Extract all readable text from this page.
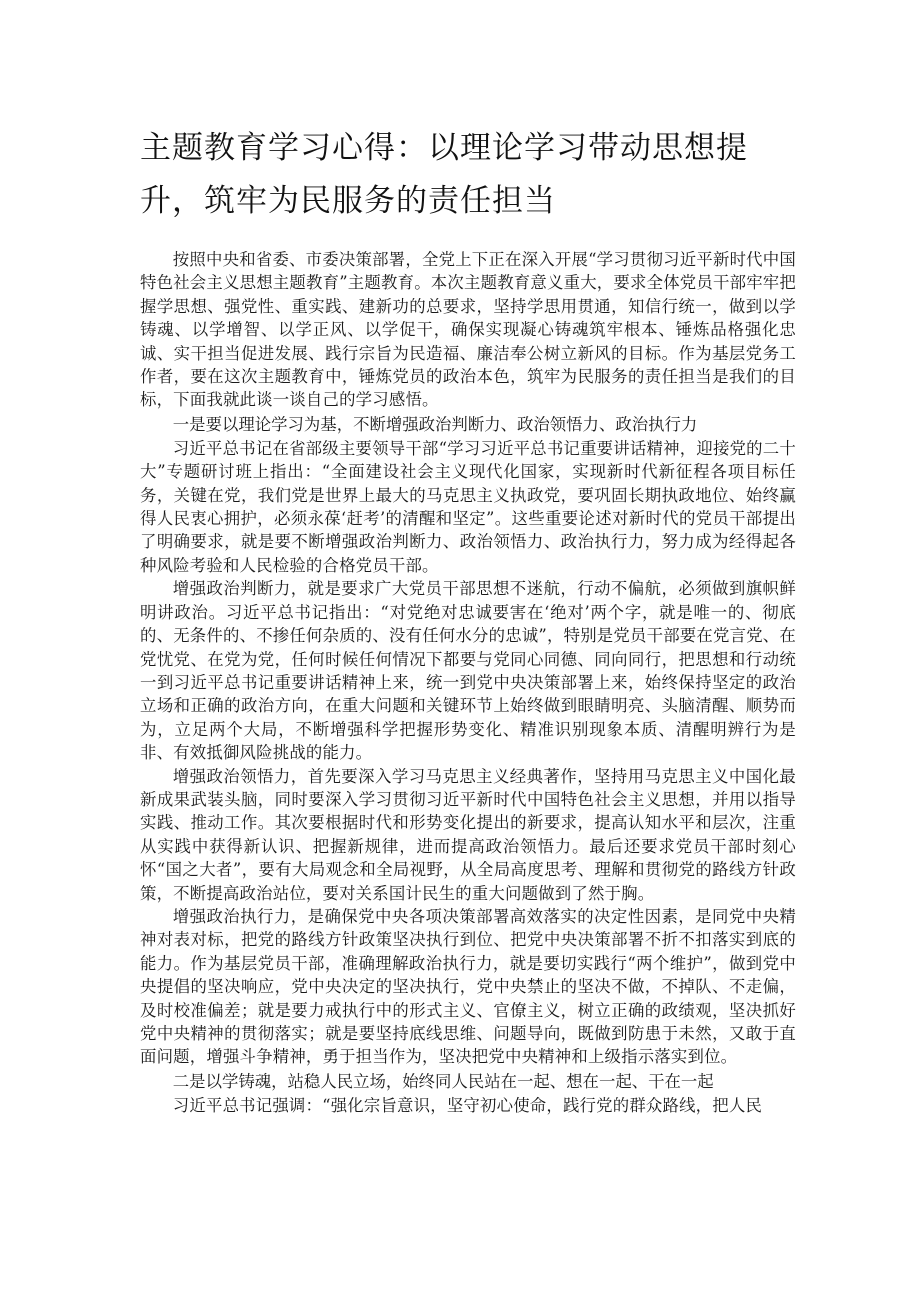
主题教育学习心得：以理论学习带动思想提升，筑牢为民服务的责任担当

按照中央和省委、市委决策部署，全党上下正在深入开展“学习贯彻习近平新时代中国特色社会主义思想主题教育”主题教育。本次主题教育意义重大，要求全体党员干部牢牢把握学思想、强党性、重实践、建新功的总要求，坚持学思用贯通，知信行统一，做到以学铸魂、以学增智、以学正风、以学促干，确保实现凝心铸魂筑牢根本、锤炼品格强化忠诚、实干担当促进发展、践行宗旨为民造福、廉洁奉公树立新风的目标。作为基层党务工作者，要在这次主题教育中，锤炼党员的政治本色，筑牢为民服务的责任担当是我们的目标，下面我就此谈一谈自己的学习感悟。

一是要以理论学习为基，不断增强政治判断力、政治领悟力、政治执行力

习近平总书记在省部级主要领导干部“学习习近平总书记重要讲话精神，迎接党的二十大”专题研讨班上指出：“全面建设社会主义现代化国家，实现新时代新征程各项目标任务，关键在党，我们党是世界上最大的马克思主义执政党，要巩固长期执政地位、始终赢得人民衷心拥护，必须永葆‘赶考’的清醒和坚定”。这些重要论述对新时代的党员干部提出了明确要求，就是要不断增强政治判断力、政治领悟力、政治执行力，努力成为经得起各种风险考验和人民检验的合格党员干部。

增强政治判断力，就是要求广大党员干部思想不迷航，行动不偏航，必须做到旗帜鲜明讲政治。习近平总书记指出：“对党绝对忠诚要害在‘绝对’两个字，就是唯一的、彻底的、无条件的、不掺任何杂质的、没有任何水分的忠诚”，特别是党员干部要在党言党、在党忧党、在党为党，任何时候任何情况下都要与党同心同德、同向同行，把思想和行动统一到习近平总书记重要讲话精神上来，统一到党中央决策部署上来，始终保持坚定的政治立场和正确的政治方向，在重大问题和关键环节上始终做到眼睛明亮、头脑清醒、顺势而为，立足两个大局，不断增强科学把握形势变化、精准识别现象本质、清醒明辨行为是非、有效抵御风险挑战的能力。

增强政治领悟力，首先要深入学习马克思主义经典著作，坚持用马克思主义中国化最新成果武装头脑，同时要深入学习贯彻习近平新时代中国特色社会主义思想，并用以指导实践、推动工作。其次要根据时代和形势变化提出的新要求，提高认知水平和层次，注重从实践中获得新认识、把握新规律，进而提高政治领悟力。最后还要求党员干部时刻心怀“国之大者”，要有大局观念和全局视野，从全局高度思考、理解和贯彻党的路线方针政策，不断提高政治站位，要对关系国计民生的重大问题做到了然于胸。

增强政治执行力，是确保党中央各项决策部署高效落实的决定性因素，是同党中央精神对表对标，把党的路线方针政策坚决执行到位、把党中央决策部署不折不扣落实到底的能力。作为基层党员干部，准确理解政治执行力，就是要切实践行“两个维护”，做到党中央提倡的坚决响应，党中央决定的坚决执行，党中央禁止的坚决不做，不掉队、不走偏，及时校准偏差；就是要力戒执行中的形式主义、官僚主义，树立正确的政绩观，坚决抓好党中央精神的贯彻落实；就是要坚持底线思维、问题导向，既做到防患于未然，又敢于直面问题，增强斗争精神，勇于担当作为，坚决把党中央精神和上级指示落实到位。

二是以学铸魂，站稳人民立场，始终同人民站在一起、想在一起、干在一起

习近平总书记强调：“强化宗旨意识，坚守初心使命，践行党的群众路线，把人民
